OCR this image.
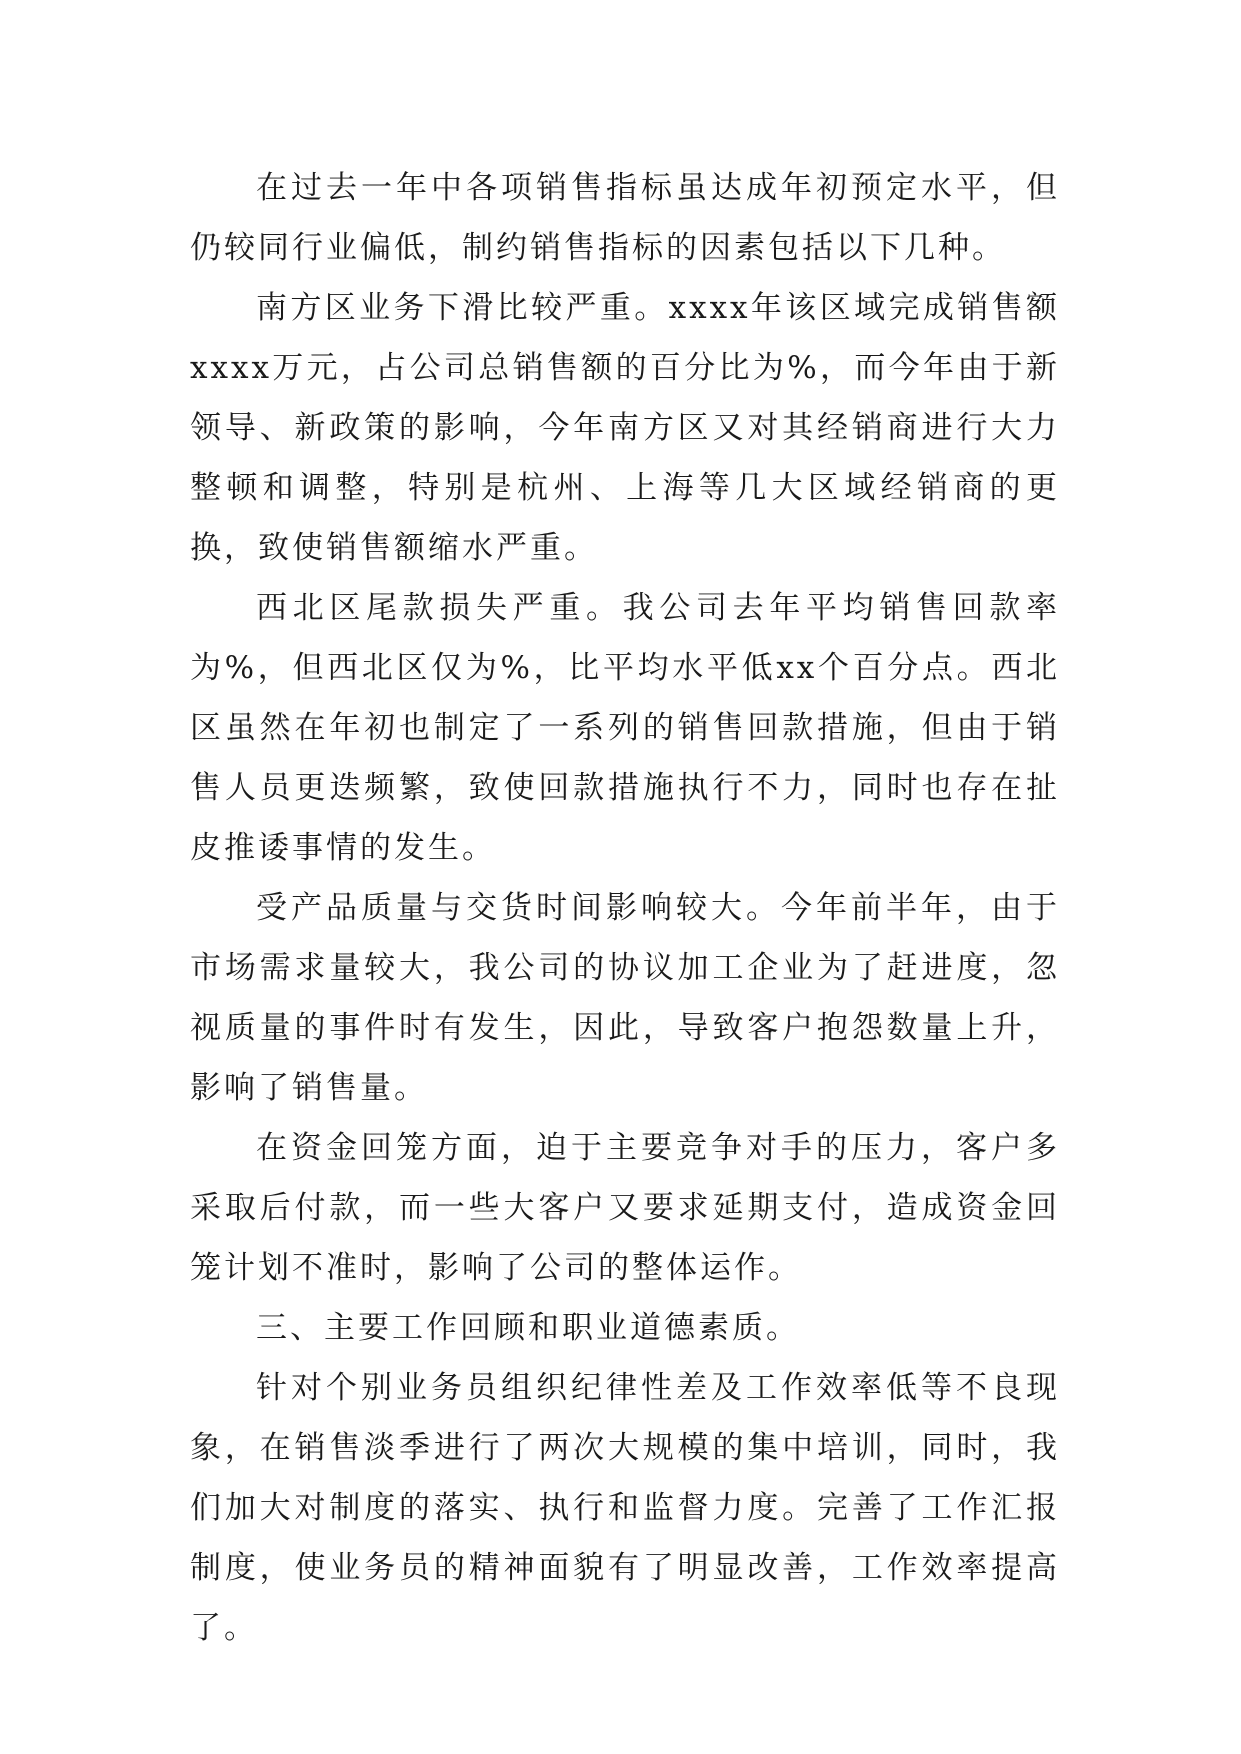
在过去一年中各项销售指标虽达成年初预定水平，但仍较同行业偏低，制约销售指标的因素包括以下几种。

南方区业务下滑比较严重。xxxx年该区域完成销售额xxxx万元，占公司总销售额的百分比为%，而今年由于新领导、新政策的影响，今年南方区又对其经销商进行大力整顿和调整，特别是杭州、上海等几大区域经销商的更换，致使销售额缩水严重。

西北区尾款损失严重。我公司去年平均销售回款率为%，但西北区仅为%，比平均水平低xx个百分点。西北区虽然在年初也制定了一系列的销售回款措施，但由于销售人员更迭频繁，致使回款措施执行不力，同时也存在扯皮推诿事情的发生。

受产品质量与交货时间影响较大。今年前半年，由于市场需求量较大，我公司的协议加工企业为了赶进度，忽视质量的事件时有发生，因此，导致客户抱怨数量上升，影响了销售量。

在资金回笼方面，迫于主要竞争对手的压力，客户多采取后付款，而一些大客户又要求延期支付，造成资金回笼计划不准时，影响了公司的整体运作。

三、主要工作回顾和职业道德素质。

针对个别业务员组织纪律性差及工作效率低等不良现象，在销售淡季进行了两次大规模的集中培训，同时，我们加大对制度的落实、执行和监督力度。完善了工作汇报制度，使业务员的精神面貌有了明显改善，工作效率提高了。
